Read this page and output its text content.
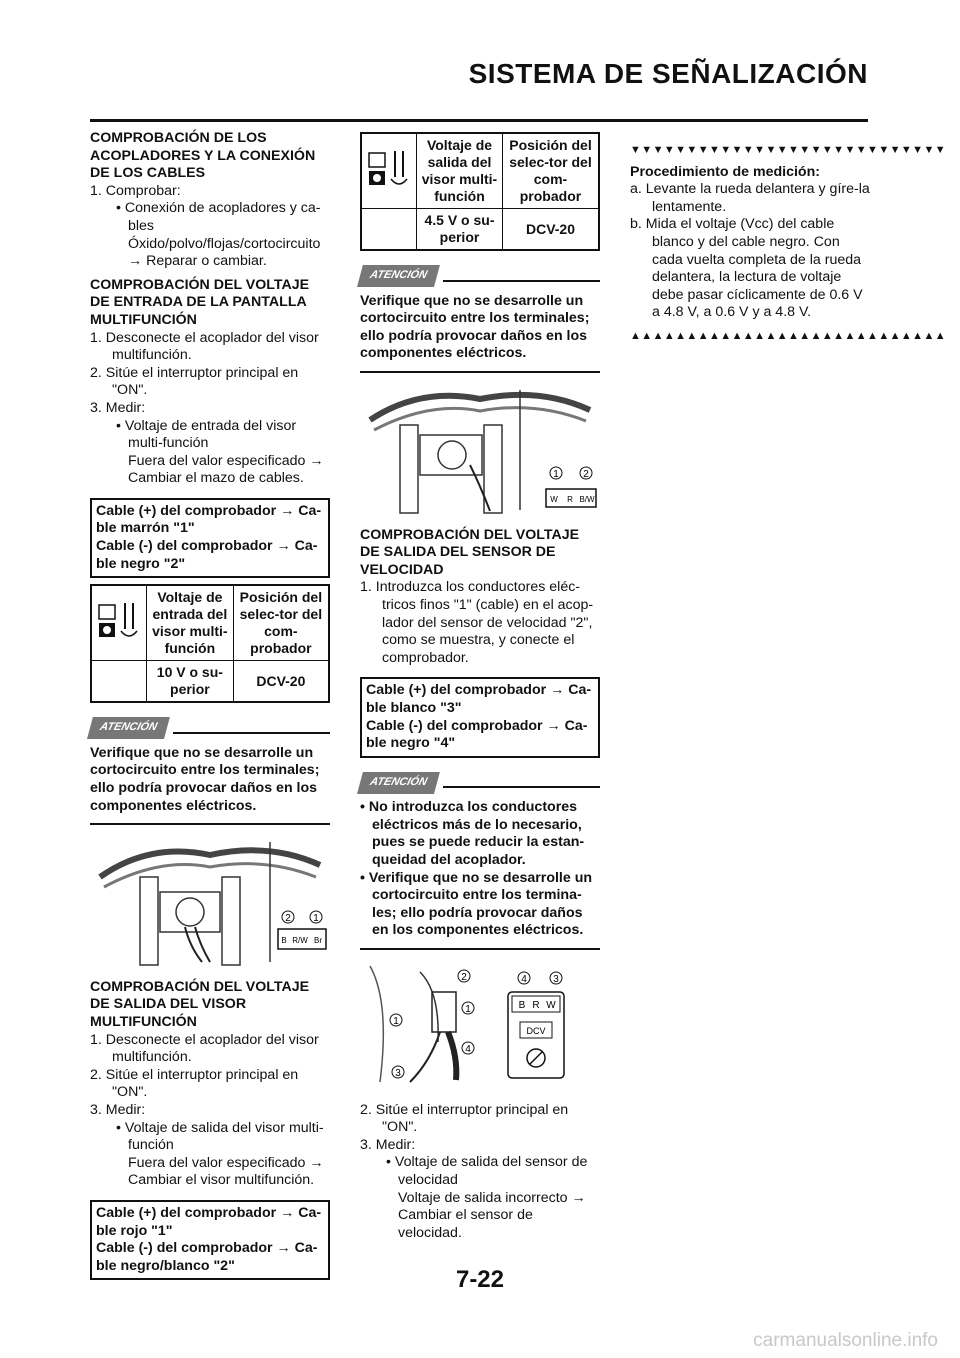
SISTEMA DE SEÑALIZACIÓN

COMPROBACIÓN DE LOS ACOPLADORES Y LA CONEXIÓN DE LOS CABLES

1. Comprobar:

• Conexión de acopladores y ca-bles

Óxido/polvo/flojas/cortocircuito → Reparar o cambiar.

COMPROBACIÓN DEL VOLTAJE DE ENTRADA DE LA PANTALLA MULTIFUNCIÓN

1. Desconecte el acoplador del visor multifunción.

2. Sitúe el interruptor principal en "ON".

3. Medir:

• Voltaje de entrada del visor multi-función

Fuera del valor especificado → Cambiar el mazo de cables.

Cable (+) del comprobador → Ca-ble marrón "1"

Cable (-) del comprobador → Ca-ble negro "2"

	Voltaje de entrada del visor multi-función	Posición del selec-tor del com-probador
	10 V o su-perior	DCV-20
ATENCIÓN
Verifique que no se desarrolle un cortocircuito entre los terminales; ello podría provocar daños en los componentes eléctricos.
2 1
B R/W Br

COMPROBACIÓN DEL VOLTAJE DE SALIDA DEL VISOR MULTIFUNCIÓN

1. Desconecte el acoplador del visor multifunción.

2. Sitúe el interruptor principal en "ON".

3. Medir:

• Voltaje de salida del visor multi-función

Fuera del valor especificado → Cambiar el visor multifunción.

Cable (+) del comprobador → Ca-ble rojo "1"

Cable (-) del comprobador → Ca-ble negro/blanco "2"

	Voltaje de salida del visor multi-función	Posición del selec-tor del com-probador
	4.5 V o su-perior	DCV-20
ATENCIÓN
Verifique que no se desarrolle un cortocircuito entre los terminales; ello podría provocar daños en los componentes eléctricos.
1 2
W R B/W

COMPROBACIÓN DEL VOLTAJE DE SALIDA DEL SENSOR DE VELOCIDAD

1. Introduzca los conductores eléc-tricos finos "1" (cable) en el acop-lador del sensor de velocidad "2", como se muestra, y conecte el comprobador.

Cable (+) del comprobador → Ca-ble blanco "3"

Cable (-) del comprobador → Ca-ble negro "4"

ATENCIÓN
• No introduzca los conductores eléctricos más de lo necesario, pues se puede reducir la estan-queidad del acoplador.
• Verifique que no se desarrolle un cortocircuito entre los termina-les; ello podría provocar daños en los componentes eléctricos.
2
1
1
4
3
4	3
B R W
DCV

2. Sitúe el interruptor principal en "ON".

3. Medir:

• Voltaje de salida del sensor de velocidad

Voltaje de salida incorrecto → Cambiar el sensor de velocidad.

▼▼▼▼▼▼▼▼▼▼▼▼▼▼▼▼▼▼▼▼▼▼▼▼▼▼▼▼

Procedimiento de medición:

a. Levante la rueda delantera y gíre-la lentamente.

b. Mida el voltaje (Vcc) del cable blanco y del cable negro. Con cada vuelta completa de la rueda delantera, la lectura de voltaje debe pasar cíclicamente de 0.6 V a 4.8 V, a 0.6 V y a 4.8 V.

▲▲▲▲▲▲▲▲▲▲▲▲▲▲▲▲▲▲▲▲▲▲▲▲▲▲▲▲
7-22
carmanualsonline.info
